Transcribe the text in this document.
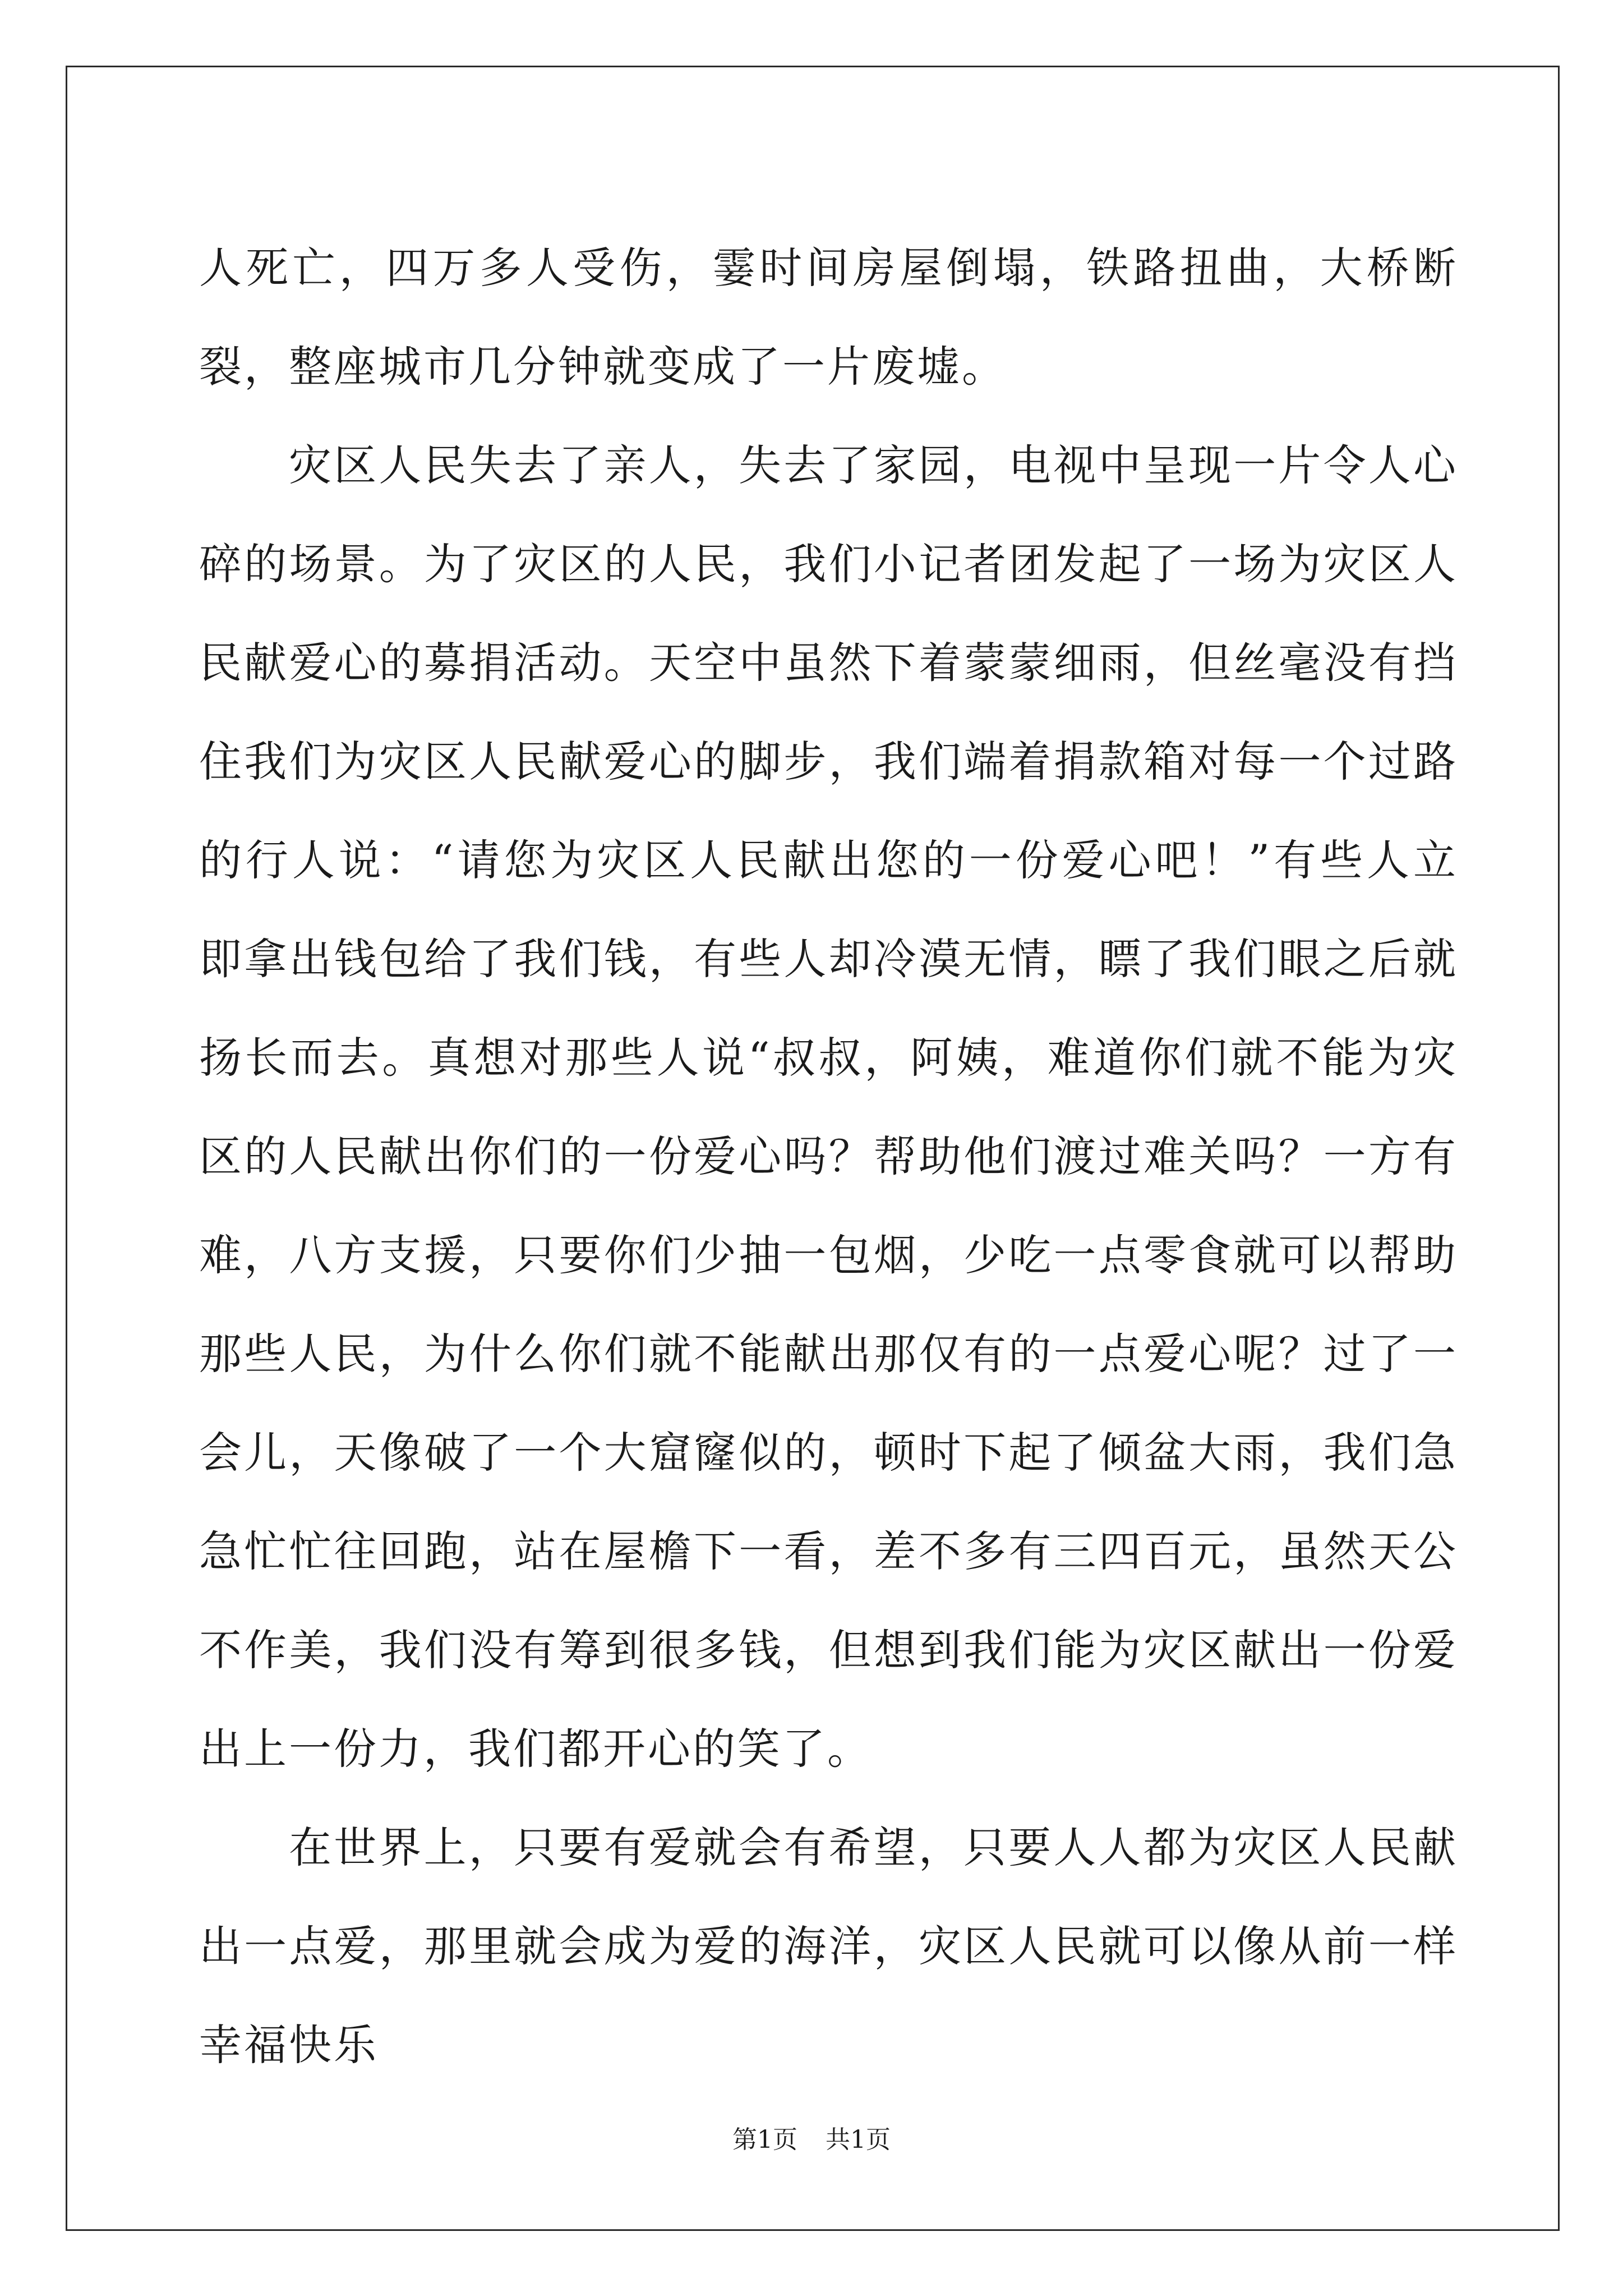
人死亡，四万多人受伤，霎时间房屋倒塌，铁路扭曲，大桥断裂，整座城市几分钟就变成了一片废墟。

灾区人民失去了亲人，失去了家园，电视中呈现一片令人心碎的场景。为了灾区的人民，我们小记者团发起了一场为灾区人民献爱心的募捐活动。天空中虽然下着蒙蒙细雨，但丝毫没有挡住我们为灾区人民献爱心的脚步，我们端着捐款箱对每一个过路的行人说：“请您为灾区人民献出您的一份爱心吧！”有些人立即拿出钱包给了我们钱，有些人却冷漠无情，瞟了我们眼之后就扬长而去。真想对那些人说“叔叔，阿姨，难道你们就不能为灾区的人民献出你们的一份爱心吗？帮助他们渡过难关吗？一方有难，八方支援，只要你们少抽一包烟，少吃一点零食就可以帮助那些人民，为什么你们就不能献出那仅有的一点爱心呢？过了一会儿，天像破了一个大窟窿似的，顿时下起了倾盆大雨，我们急急忙忙往回跑，站在屋檐下一看，差不多有三四百元，虽然天公不作美，我们没有筹到很多钱，但想到我们能为灾区献出一份爱出上一份力，我们都开心的笑了。

在世界上，只要有爱就会有希望，只要人人都为灾区人民献出一点爱，那里就会成为爱的海洋，灾区人民就可以像从前一样幸福快乐

第1页 共1页
